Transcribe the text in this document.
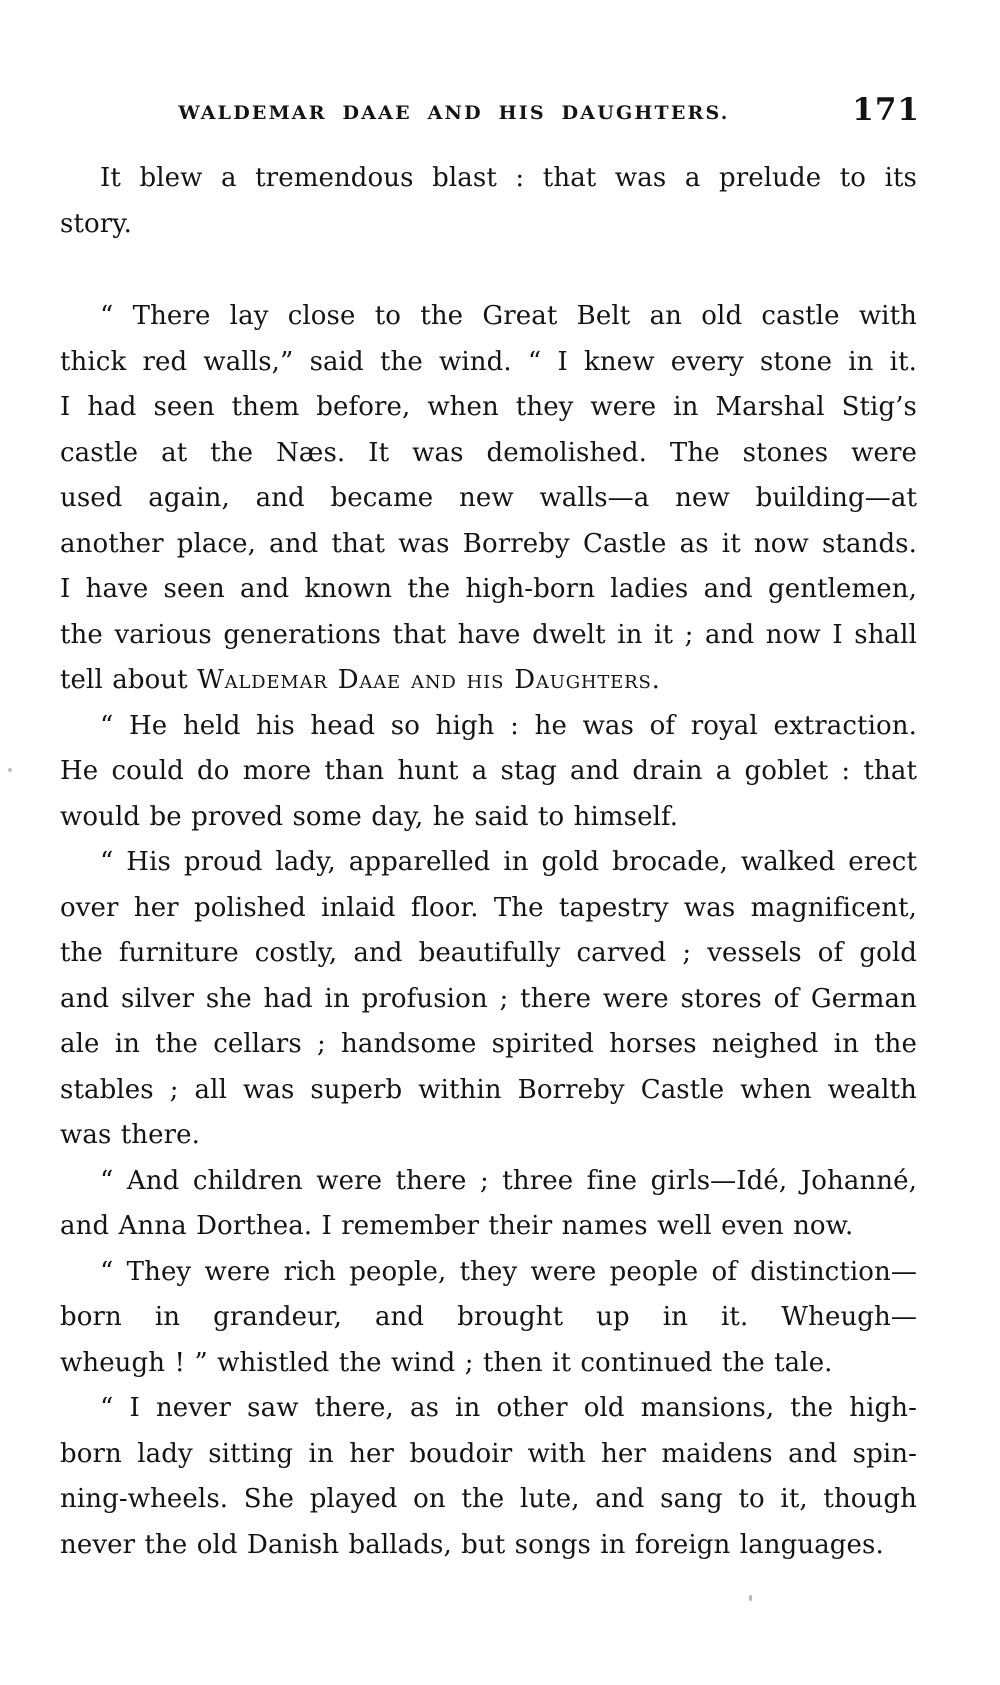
WALDEMAR DAAE AND HIS DAUGHTERS.	171
It blew a tremendous blast : that was a prelude to its
story.
“ There lay close to the Great Belt an old castle with
thick red walls,” said the wind. “ I knew every stone in it.
I had seen them before, when they were in Marshal Stig’s
castle at the Næs. It was demolished. The stones were
used again, and became new walls—a new building—at
another place, and that was Borreby Castle as it now stands.
I have seen and known the high-born ladies and gentlemen,
the various generations that have dwelt in it ; and now I shall
tell about Waldemar Daae and his Daughters.
“ He held his head so high : he was of royal extraction.
He could do more than hunt a stag and drain a goblet : that
would be proved some day, he said to himself.
“ His proud lady, apparelled in gold brocade, walked erect
over her polished inlaid floor. The tapestry was magnificent,
the furniture costly, and beautifully carved ; vessels of gold
and silver she had in profusion ; there were stores of German
ale in the cellars ; handsome spirited horses neighed in the
stables ; all was superb within Borreby Castle when wealth
was there.
“ And children were there ; three fine girls—Idé, Johanné,
and Anna Dorthea. I remember their names well even now.
“ They were rich people, they were people of distinction—
born in grandeur, and brought up in it. Wheugh—
wheugh ! ” whistled the wind ; then it continued the tale.
“ I never saw there, as in other old mansions, the high-
born lady sitting in her boudoir with her maidens and spin-
ning-wheels. She played on the lute, and sang to it, though
never the old Danish ballads, but songs in foreign languages.
